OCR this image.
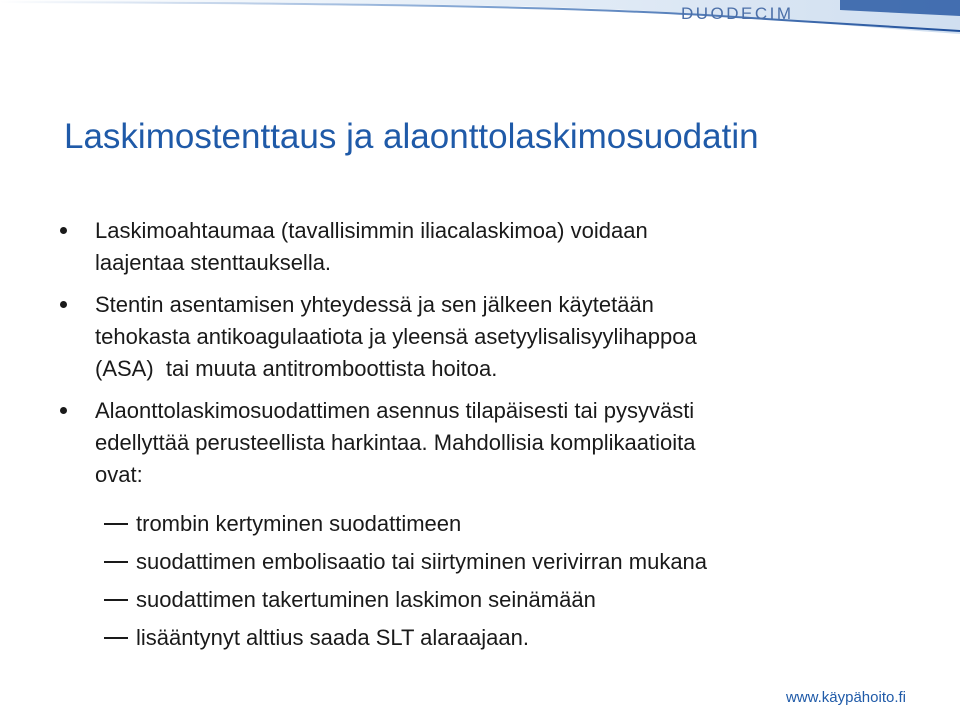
DUODECIM
Laskimostenttaus ja alaonttolaskimosuodatin
Laskimoahtaumaa (tavallisimmin iliacalaskimoa) voidaan
laajentaa stenttauksella.
Stentin asentamisen yhteydessä ja sen jälkeen käytetään
tehokasta antikoagulaatiota ja yleensä asetyylisalisyylihappoa
(ASA)  tai muuta antitromboottista hoitoa.
Alaonttolaskimosuodattimen asennus tilapäisesti tai pysyvästi
edellyttää perusteellista harkintaa. Mahdollisia komplikaatioita
ovat:
trombin kertyminen suodattimeen
suodattimen embolisaatio tai siirtyminen verivirran mukana
suodattimen takertuminen laskimon seinämään
lisääntynyt alttius saada SLT alaraajaan.
www.käypähoito.fi
